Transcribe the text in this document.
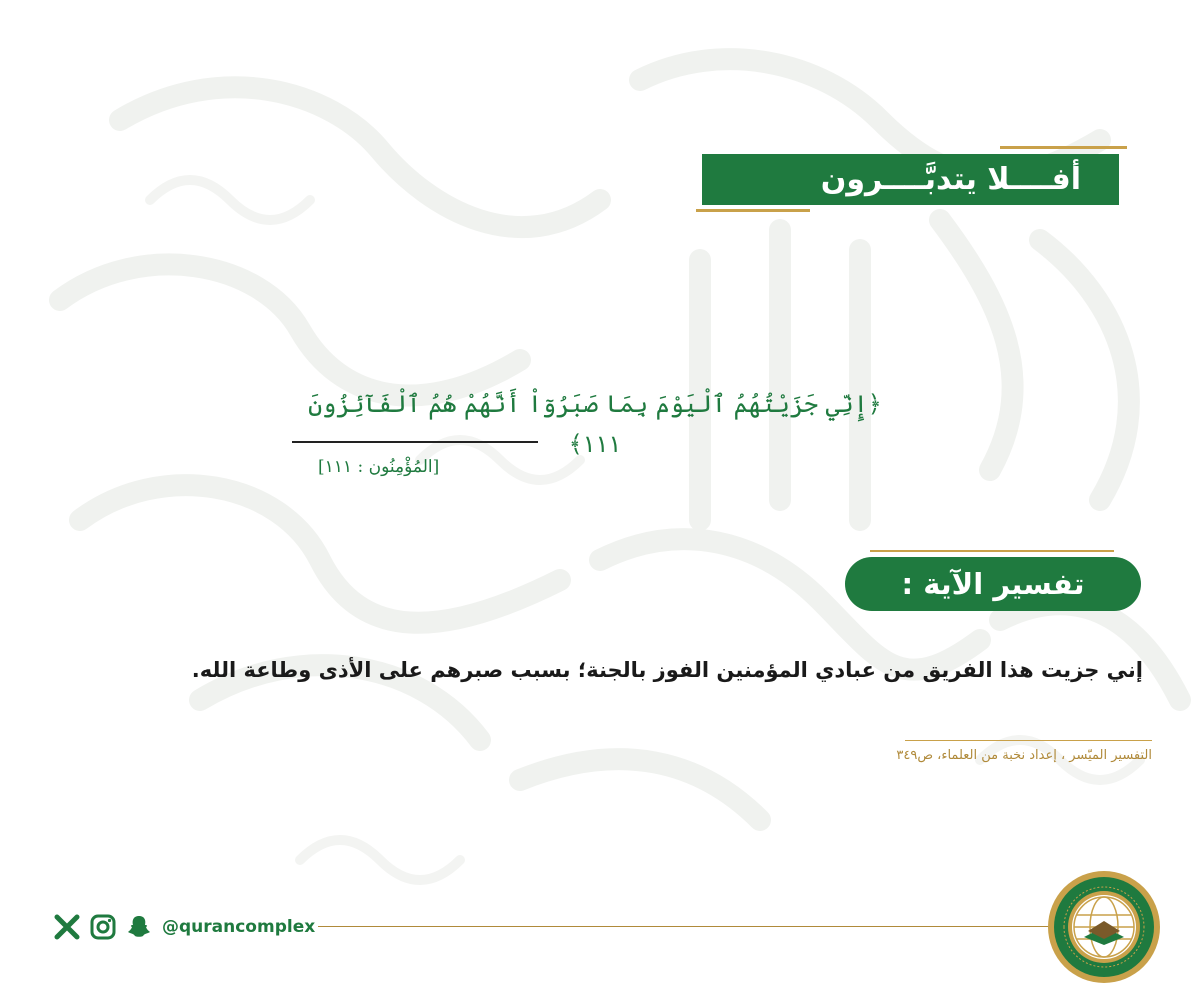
أفــــلا يتدبَّــــرون
﴿إِنِّي جَزَيْتُهُمُ ٱلْيَوْمَ بِمَا صَبَرُوٓاْ أَنَّهُمْ هُمُ ٱلْفَآئِزُونَ ١١١﴾
[المُؤْمِنُون : ١١١]
تفسير الآية :
إني جزيت هذا الفريق من عبادي المؤمنين الفوز بالجنة؛ بسبب صبرهم على الأذى وطاعة الله.
التفسير الميّسر ، إعداد نخبة من العلماء، ص٣٤٩
@qurancomplex
